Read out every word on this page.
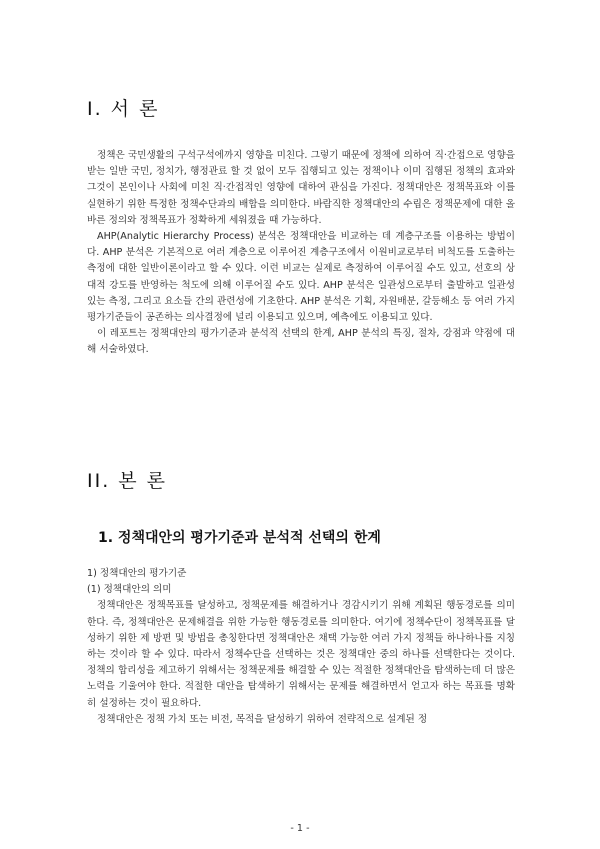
I. 서 론

정책은 국민생활의 구석구석에까지 영향을 미친다. 그렇기 때문에 정책에 의하여 직·간접으로 영향을 받는 일반 국민, 정치가, 행정관료 할 것 없이 모두 집행되고 있는 정책이나 이미 집행된 정책의 효과와 그것이 본인이나 사회에 미친 직·간접적인 영향에 대하여 관심을 가진다. 정책대안은 정책목표와 이를 실현하기 위한 특정한 정책수단과의 배합을 의미한다. 바람직한 정책대안의 수립은 정책문제에 대한 올바른 정의와 정책목표가 정확하게 세워졌을 때 가능하다.

AHP(Analytic Hierarchy Process) 분석은 정책대안을 비교하는 데 계층구조를 이용하는 방법이다. AHP 분석은 기본적으로 여러 계층으로 이루어진 계층구조에서 이원비교로부터 비척도를 도출하는 측정에 대한 일반이론이라고 할 수 있다. 이런 비교는 실제로 측정하여 이루어질 수도 있고, 선호의 상대적 강도를 반영하는 척도에 의해 이루어질 수도 있다. AHP 분석은 일관성으로부터 출발하고 일관성 있는 측정, 그리고 요소들 간의 관련성에 기초한다. AHP 분석은 기획, 자원배분, 갈등해소 등 여러 가지 평가기준들이 공존하는 의사결정에 널리 이용되고 있으며, 예측에도 이용되고 있다.

이 레포트는 정책대안의 평가기준과 분석적 선택의 한계, AHP 분석의 특징, 절차, 강점과 약점에 대해 서술하였다.

II. 본 론
1. 정책대안의 평가기준과 분석적 선택의 한계

1) 정책대안의 평가기준

(1) 정책대안의 의미

정책대안은 정책목표를 달성하고, 정책문제를 해결하거나 경감시키기 위해 계획된 행동경로를 의미한다. 즉, 정책대안은 문제해결을 위한 가능한 행동경로를 의미한다. 여기에 정책수단이 정책목표를 달성하기 위한 제 방편 및 방법을 총칭한다면 정책대안은 채택 가능한 여러 가지 정책들 하나하나를 지칭하는 것이라 할 수 있다. 따라서 정책수단을 선택하는 것은 정책대안 중의 하나를 선택한다는 것이다. 정책의 합리성을 제고하기 위해서는 정책문제를 해결할 수 있는 적절한 정책대안을 탐색하는데 더 많은 노력을 기울여야 한다. 적절한 대안을 탐색하기 위해서는 문제를 해결하면서 얻고자 하는 목표를 명확히 설정하는 것이 필요하다.

정책대안은 정책 가치 또는 비전, 목적을 달성하기 위하여 전략적으로 설계된 정

- 1 -
